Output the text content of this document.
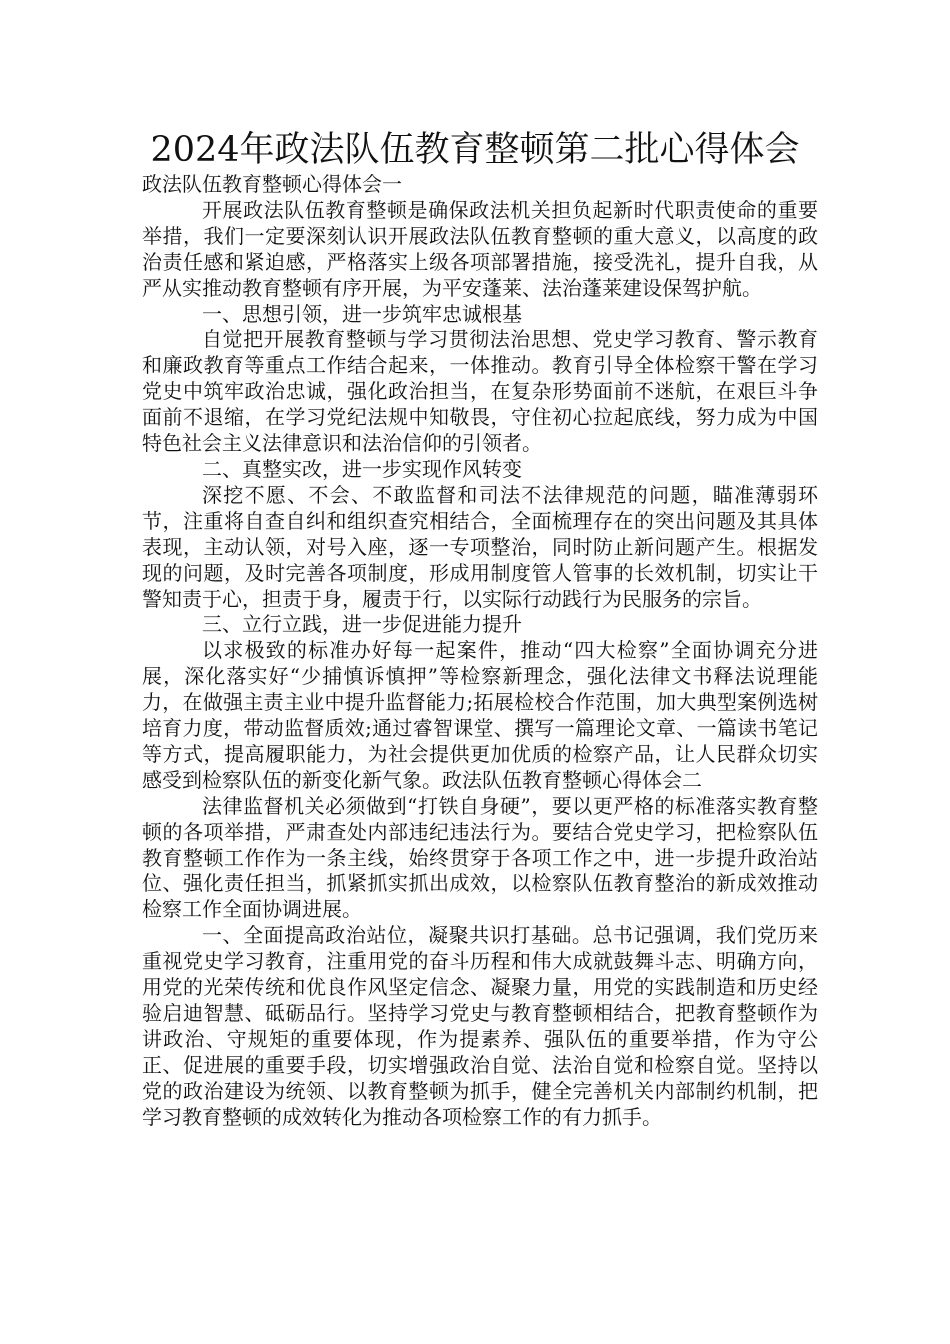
2024年政法队伍教育整顿第二批心得体会

政法队伍教育整顿心得体会一

开展政法队伍教育整顿是确保政法机关担负起新时代职责使命的重要举措，我们一定要深刻认识开展政法队伍教育整顿的重大意义，以高度的政治责任感和紧迫感，严格落实上级各项部署措施，接受洗礼，提升自我，从严从实推动教育整顿有序开展，为平安蓬莱、法治蓬莱建设保驾护航。

一、思想引领，进一步筑牢忠诚根基

自觉把开展教育整顿与学习贯彻法治思想、党史学习教育、警示教育和廉政教育等重点工作结合起来，一体推动。教育引导全体检察干警在学习党史中筑牢政治忠诚，强化政治担当，在复杂形势面前不迷航，在艰巨斗争面前不退缩，在学习党纪法规中知敬畏，守住初心拉起底线，努力成为中国特色社会主义法律意识和法治信仰的引领者。

二、真整实改，进一步实现作风转变

深挖不愿、不会、不敢监督和司法不法律规范的问题，瞄准薄弱环节，注重将自查自纠和组织查究相结合，全面梳理存在的突出问题及其具体表现，主动认领，对号入座，逐一专项整治，同时防止新问题产生。根据发现的问题，及时完善各项制度，形成用制度管人管事的长效机制，切实让干警知责于心，担责于身，履责于行，以实际行动践行为民服务的宗旨。

三、立行立践，进一步促进能力提升

以求极致的标准办好每一起案件，推动“四大检察”全面协调充分进展，深化落实好“少捕慎诉慎押”等检察新理念，强化法律文书释法说理能力，在做强主责主业中提升监督能力;拓展检校合作范围，加大典型案例选树培育力度，带动监督质效;通过睿智课堂、撰写一篇理论文章、一篇读书笔记等方式，提高履职能力，为社会提供更加优质的检察产品，让人民群众切实感受到检察队伍的新变化新气象。政法队伍教育整顿心得体会二

法律监督机关必须做到“打铁自身硬”，要以更严格的标准落实教育整顿的各项举措，严肃查处内部违纪违法行为。要结合党史学习，把检察队伍教育整顿工作作为一条主线，始终贯穿于各项工作之中，进一步提升政治站位、强化责任担当，抓紧抓实抓出成效，以检察队伍教育整治的新成效推动检察工作全面协调进展。

一、全面提高政治站位，凝聚共识打基础。总书记强调，我们党历来重视党史学习教育，注重用党的奋斗历程和伟大成就鼓舞斗志、明确方向，用党的光荣传统和优良作风坚定信念、凝聚力量，用党的实践制造和历史经验启迪智慧、砥砺品行。坚持学习党史与教育整顿相结合，把教育整顿作为讲政治、守规矩的重要体现，作为提素养、强队伍的重要举措，作为守公正、促进展的重要手段，切实增强政治自觉、法治自觉和检察自觉。坚持以党的政治建设为统领、以教育整顿为抓手，健全完善机关内部制约机制，把学习教育整顿的成效转化为推动各项检察工作的有力抓手。
